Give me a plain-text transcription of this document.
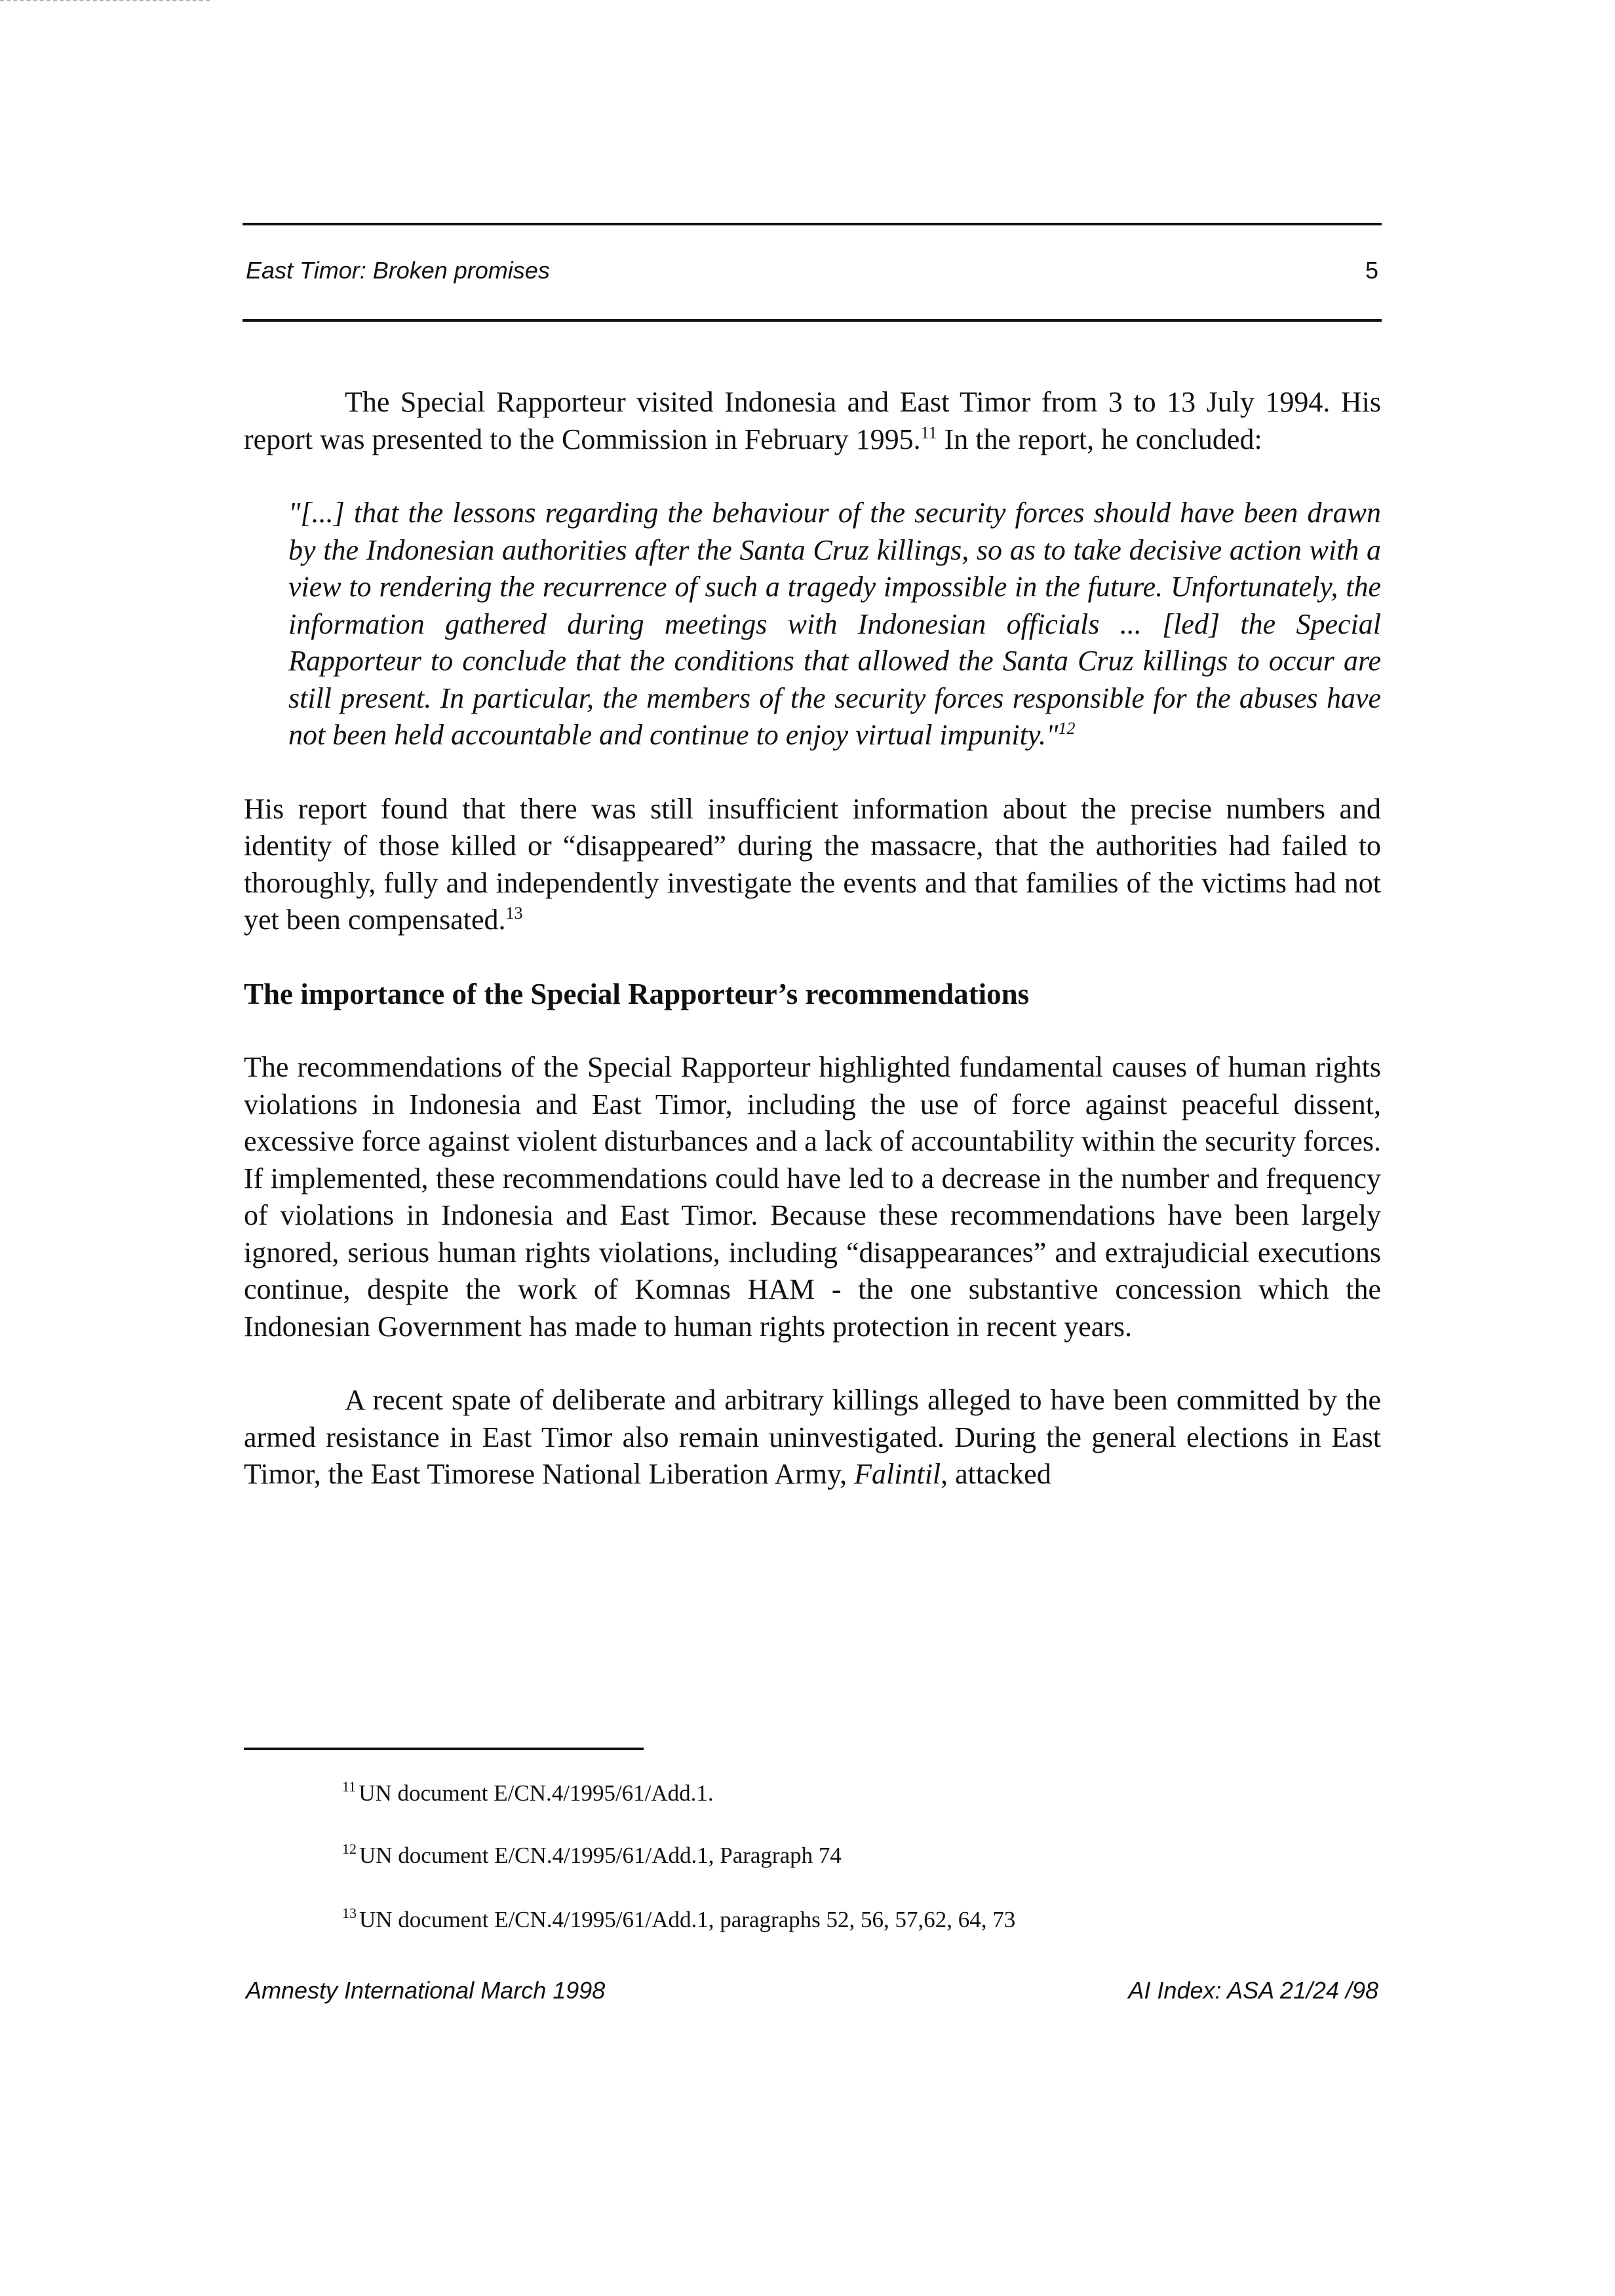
East Timor: Broken promises	5

The Special Rapporteur visited Indonesia and East Timor from 3 to 13 July 1994. His report was presented to the Commission in February 1995.11 In the report, he concluded:

"[...] that the lessons regarding the behaviour of the security forces should have been drawn by the Indonesian authorities after the Santa Cruz killings, so as to take decisive action with a view to rendering the recurrence of such a tragedy impossible in the future. Unfortunately, the information gathered during meetings with Indonesian officials ... [led] the Special Rapporteur to conclude that the conditions that allowed the Santa Cruz killings to occur are still present. In particular, the members of the security forces responsible for the abuses have not been held accountable and continue to enjoy virtual impunity."$^{12}$

His report found that there was still insufficient information about the precise numbers and identity of those killed or “disappeared” during the massacre, that the authorities had failed to thoroughly, fully and independently investigate the events and that families of the victims had not yet been compensated.$^{13}$

The importance of the Special Rapporteur’s recommendations

The recommendations of the Special Rapporteur highlighted fundamental causes of human rights violations in Indonesia and East Timor, including the use of force against peaceful dissent, excessive force against violent disturbances and a lack of accountability within the security forces. If implemented, these recommendations could have led to a decrease in the number and frequency of violations in Indonesia and East Timor. Because these recommendations have been largely ignored, serious human rights violations, including “disappearances” and extrajudicial executions continue, despite the work of Komnas HAM - the one substantive concession which the Indonesian Government has made to human rights protection in recent years.

A recent spate of deliberate and arbitrary killings alleged to have been committed by the armed resistance in East Timor also remain uninvestigated. During the general elections in East Timor, the East Timorese National Liberation Army, Falintil, attacked

$^{11}$ UN document E/CN.4/1995/61/Add.1.
$^{12}$ UN document E/CN.4/1995/61/Add.1, Paragraph 74
$^{13}$ UN document E/CN.4/1995/61/Add.1, paragraphs 52, 56, 57,62, 64, 73
Amnesty International March 1998	AI Index: ASA 21/24 /98
